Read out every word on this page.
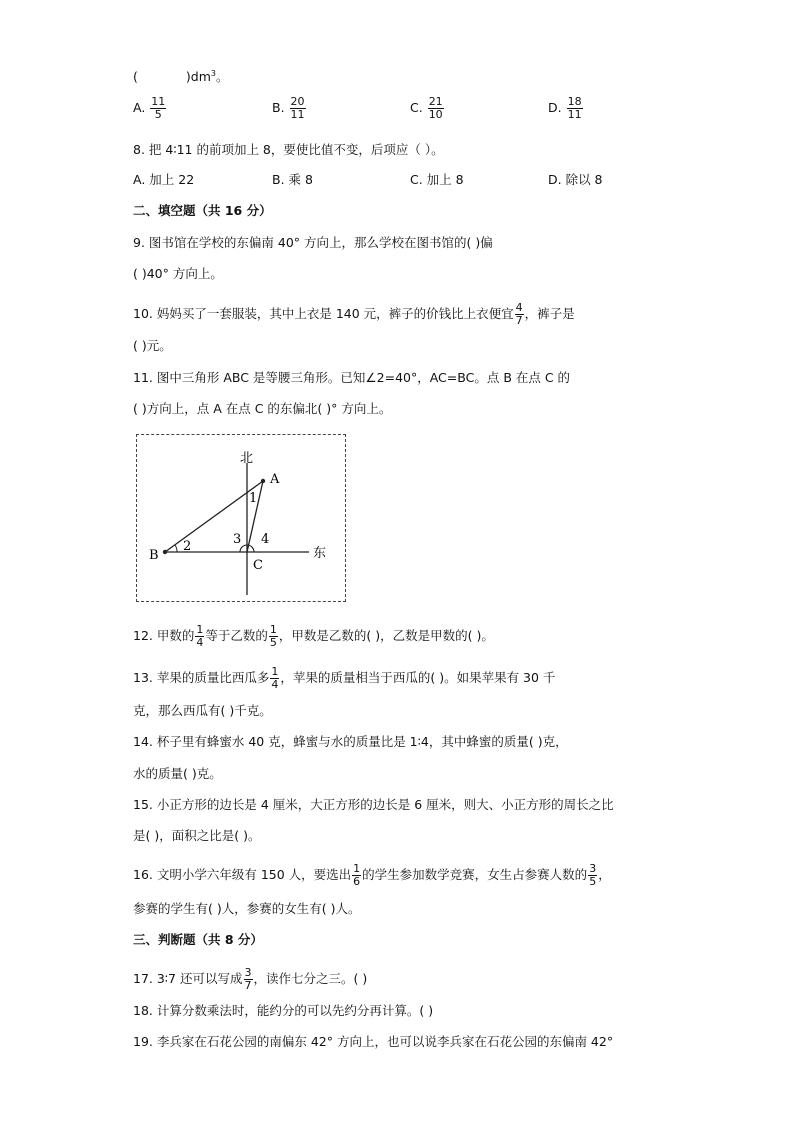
(	)$dm^3$。
A. $\frac{11}{5}$	B. $\frac{20}{11}$	C. $\frac{21}{10}$	D. $\frac{18}{11}$
8. 把 4∶11 的前项加上 8，要使比值不变，后项应（ ）。
A. 加上 22	B. 乘 8	C. 加上 8	D. 除以 8
二、填空题（共 16 分）
9. 图书馆在学校的东偏南 40° 方向上，那么学校在图书馆的( )偏
( )40° 方向上。
10. 妈妈买了一套服装，其中上衣是 140 元，裤子的价钱比上衣便宜 $\frac{4}{7}$ ，裤子是
( )元。
11. 图中三角形 ABC 是等腰三角形。已知∠2=40°，AC=BC。点 B 在点 C 的
( )方向上，点 A 在点 C 的东偏北( )° 方向上。
北
东
A
B
C
1
2	3 4
12. 甲数的 $\frac{1}{4}$ 等于乙数的 $\frac{1}{5}$ ，甲数是乙数的( )，乙数是甲数的( )。
13. 苹果的质量比西瓜多 $\frac{1}{4}$ ，苹果的质量相当于西瓜的( )。如果苹果有 30 千
克，那么西瓜有( )千克。
14. 杯子里有蜂蜜水 40 克，蜂蜜与水的质量比是 1∶4，其中蜂蜜的质量( )克，
水的质量( )克。
15. 小正方形的边长是 4 厘米，大正方形的边长是 6 厘米，则大、小正方形的周长之比
是( )，面积之比是( )。
16. 文明小学六年级有 150 人，要选出 $\frac{1}{6}$ 的学生参加数学竞赛，女生占参赛人数的 $\frac{3}{5}$ ，
参赛的学生有( )人，参赛的女生有( )人。
三、判断题（共 8 分）
17. 3∶7 还可以写成 $\frac{3}{7}$ ，读作七分之三。( )
18. 计算分数乘法时，能约分的可以先约分再计算。( )
19. 李兵家在石花公园的南偏东 42° 方向上，也可以说李兵家在石花公园的东偏南 42°
